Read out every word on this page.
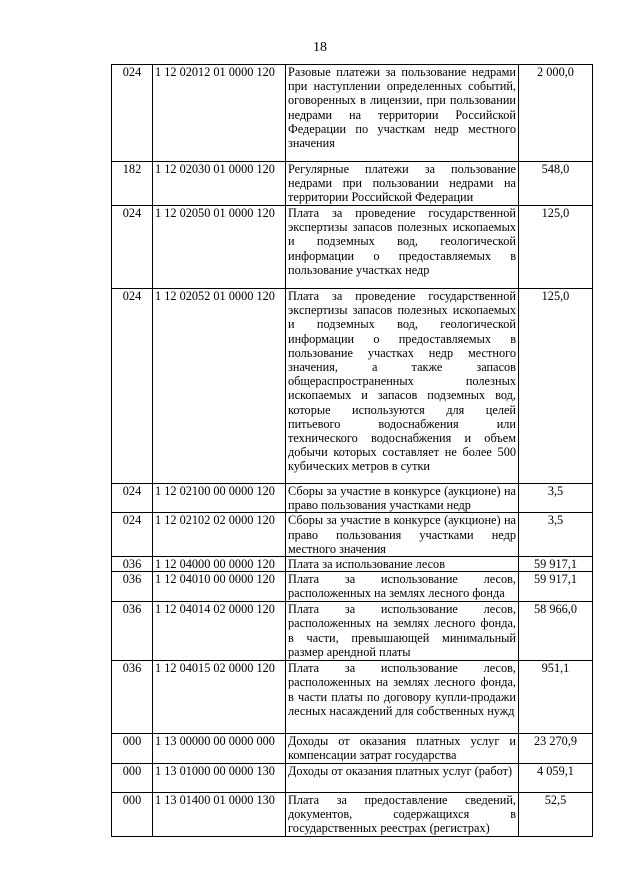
18
024	1 12 02012 01 0000 120	Разовые платежи за пользование недрами при наступлении определенных событий, оговоренных в лицензии, при пользовании недрами на территории Российской Федерации по участкам недр местного значения	2 000,0
182	1 12 02030 01 0000 120	Регулярные платежи за пользование недрами при пользовании недрами на территории Российской Федерации	548,0
024	1 12 02050 01 0000 120	Плата за проведение государственной экспертизы запасов полезных ископаемых и подземных вод, геологической информации о предоставляемых в пользование участках недр	125,0
024	1 12 02052 01 0000 120	Плата за проведение государственной экспертизы запасов полезных ископаемых и подземных вод, геологической информации о предоставляемых в пользование участках недр местного значения, а также запасов общераспространенных полезных ископаемых и запасов подземных вод, которые используются для целей питьевого водоснабжения или технического водоснабжения и объем добычи которых составляет не более 500 кубических метров в сутки	125,0
024	1 12 02100 00 0000 120	Сборы за участие в конкурсе (аукционе) на право пользования участками недр	3,5
024	1 12 02102 02 0000 120	Сборы за участие в конкурсе (аукционе) на право пользования участками недр местного значения	3,5
036	1 12 04000 00 0000 120	Плата за использование лесов	59 917,1
036	1 12 04010 00 0000 120	Плата за использование лесов, расположенных на землях лесного фонда	59 917,1
036	1 12 04014 02 0000 120	Плата за использование лесов, расположенных на землях лесного фонда, в части, превышающей минимальный размер арендной платы	58 966,0
036	1 12 04015 02 0000 120	Плата за использование лесов, расположенных на землях лесного фонда, в части платы по договору купли-продажи лесных насаждений для собственных нужд	951,1
000	1 13 00000 00 0000 000	Доходы от оказания платных услуг и компенсации затрат государства	23 270,9
000	1 13 01000 00 0000 130	Доходы от оказания платных услуг (работ)	4 059,1
000	1 13 01400 01 0000 130	Плата за предоставление сведений, документов, содержащихся в государственных реестрах (регистрах)	52,5
